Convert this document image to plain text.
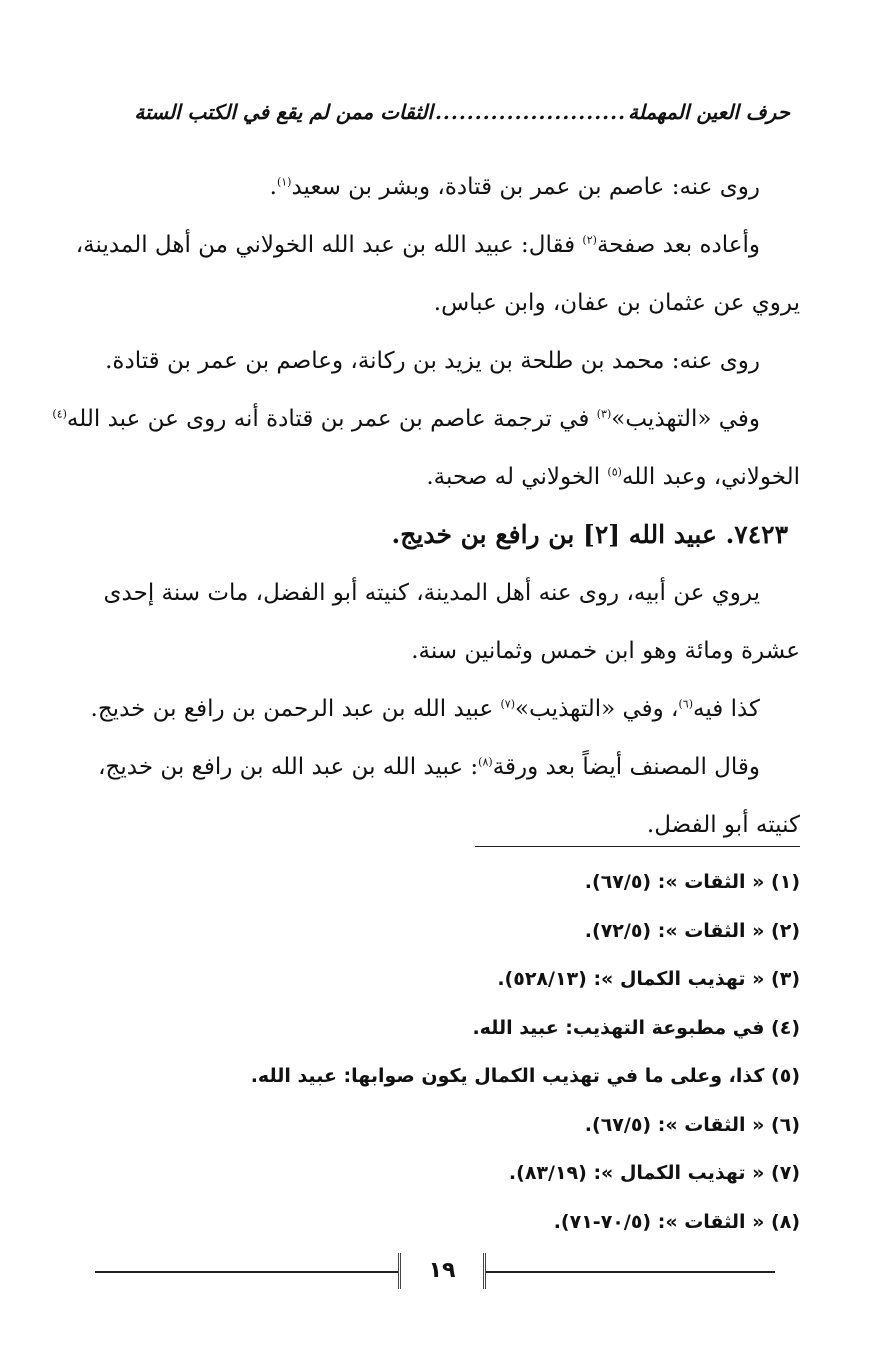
حرف العين المهملة
........................
الثقات ممن لم يقع في الكتب الستة
روى عنه: عاصم بن عمر بن قتادة، وبشر بن سعيد$^{(١)}$.
وأعاده بعد صفحة$^{(٢)}$ فقال: عبيد الله بن عبد الله الخولاني من أهل المدينة،
يروي عن عثمان بن عفان، وابن عباس.
روى عنه: محمد بن طلحة بن يزيد بن ركانة، وعاصم بن عمر بن قتادة.
وفي «التهذيب»$^{(٣)}$ في ترجمة عاصم بن عمر بن قتادة أنه روى عن عبد الله$^{(٤)}$
الخولاني، وعبد الله$^{(٥)}$ الخولاني له صحبة.
٧٤٢٣. عبيد الله [٢] بن رافع بن خديج.
يروي عن أبيه، روى عنه أهل المدينة، كنيته أبو الفضل، مات سنة إحدى
عشرة ومائة وهو ابن خمس وثمانين سنة.
كذا فيه$^{(٦)}$، وفي «التهذيب»$^{(٧)}$ عبيد الله بن عبد الرحمن بن رافع بن خديج.
وقال المصنف أيضاً بعد ورقة$^{(٨)}$: عبيد الله بن عبد الله بن رافع بن خديج،
كنيته أبو الفضل.
(١) « الثقات »: (٦٧/٥).
(٢) « الثقات »: (٧٢/٥).
(٣) « تهذيب الكمال »: (٥٢٨/١٣).
(٤) في مطبوعة التهذيب: عبيد الله.
(٥) كذا، وعلى ما في تهذيب الكمال يكون صوابها: عبيد الله.
(٦) « الثقات »: (٦٧/٥).
(٧) « تهذيب الكمال »: (٨٣/١٩).
(٨) « الثقات »: (٧٠/٥-٧١).
١٩
